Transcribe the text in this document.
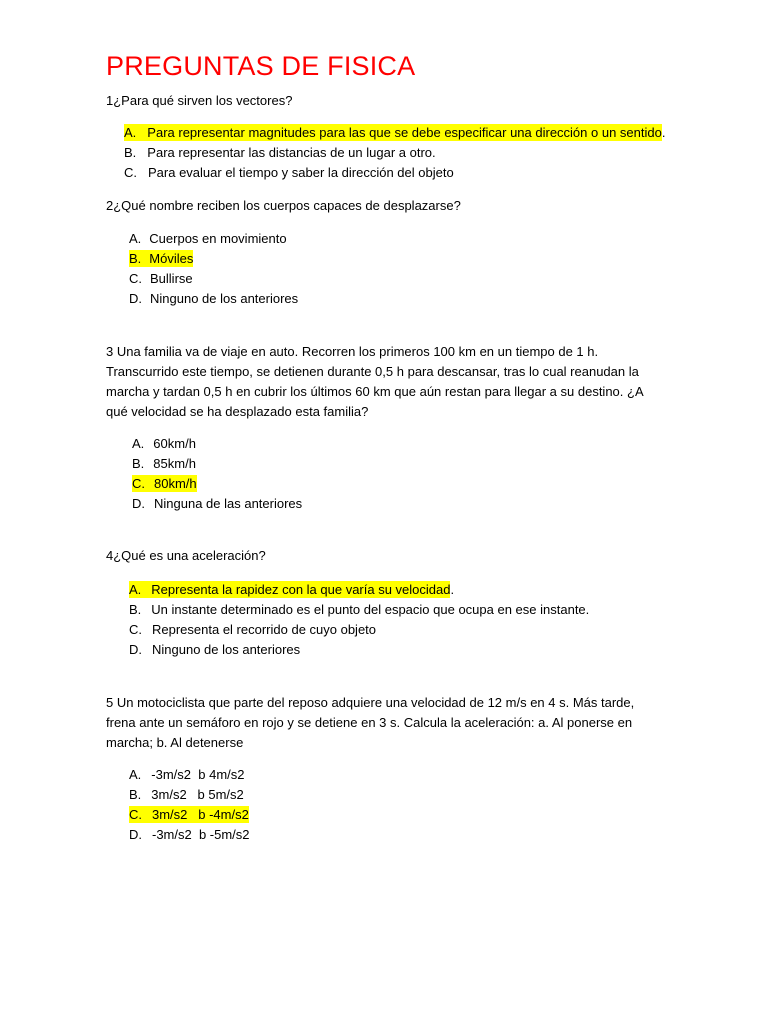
PREGUNTAS DE FISICA

1¿Para qué sirven los vectores?

A. Para representar magnitudes para las que se debe especificar una dirección o un sentido.
B. Para representar las distancias de un lugar a otro.
C. Para evaluar el tiempo y saber la dirección del objeto

2¿Qué nombre reciben los cuerpos capaces de desplazarse?

A. Cuerpos en movimiento
B. Móviles
C. Bullirse
D. Ninguno de los anteriores

3 Una familia va de viaje en auto. Recorren los primeros 100 km en un tiempo de 1 h. Transcurrido este tiempo, se detienen durante 0,5 h para descansar, tras lo cual reanudan la marcha y tardan 0,5 h en cubrir los últimos 60 km que aún restan para llegar a su destino. ¿A qué velocidad se ha desplazado esta familia?

A. 60km/h
B. 85km/h
C. 80km/h
D. Ninguna de las anteriores

4¿Qué es una aceleración?

A. Representa la rapidez con la que varía su velocidad.
B. Un instante determinado es el punto del espacio que ocupa en ese instante.
C. Representa el recorrido de cuyo objeto
D. Ninguno de los anteriores

5 Un motociclista que parte del reposo adquiere una velocidad de 12 m/s en 4 s. Más tarde, frena ante un semáforo en rojo y se detiene en 3 s. Calcula la aceleración: a. Al ponerse en marcha; b. Al detenerse

A. -3m/s2  b 4m/s2
B. 3m/s2   b 5m/s2
C. 3m/s2   b -4m/s2
D. -3m/s2  b -5m/s2
